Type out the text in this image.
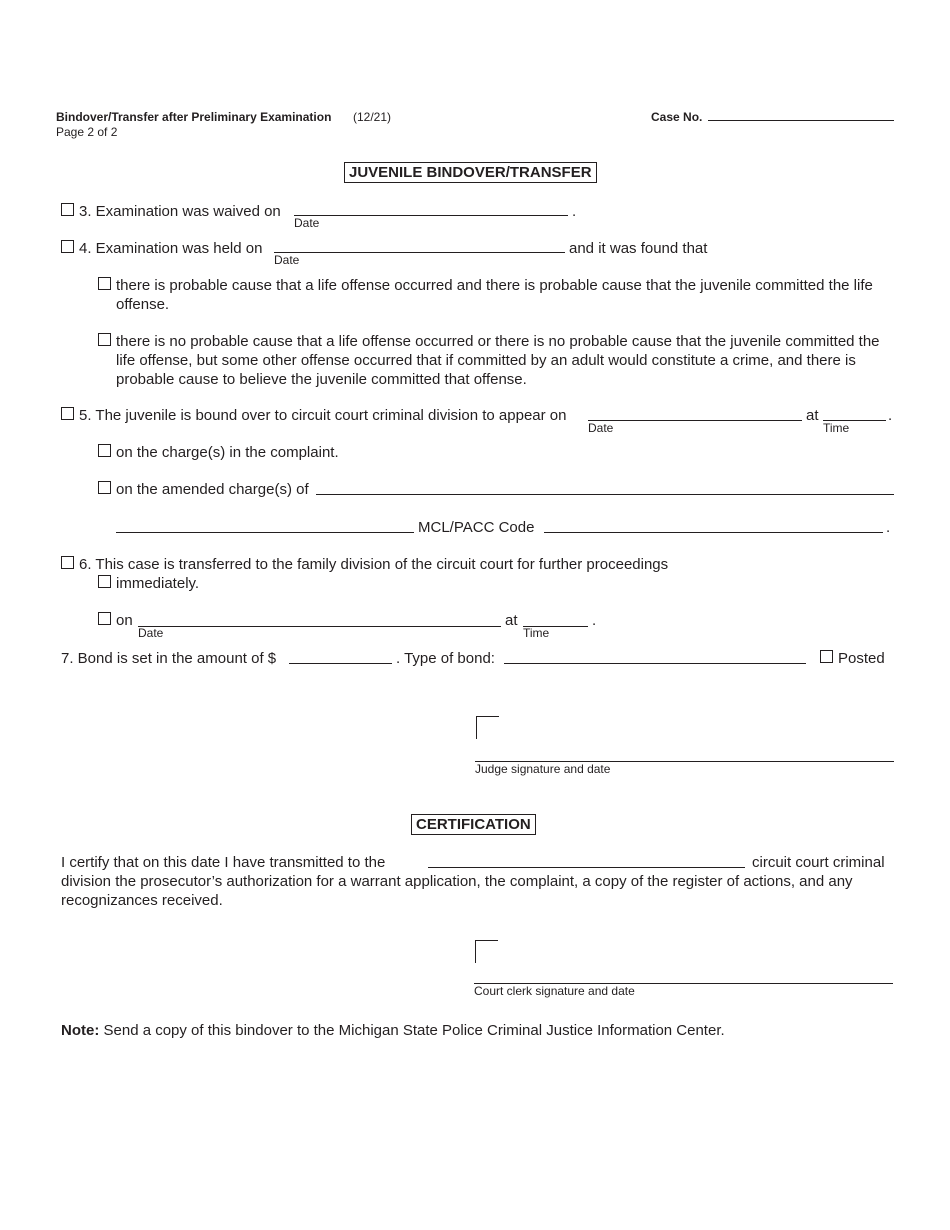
Bindover/Transfer after Preliminary Examination (12/21)
Page 2 of 2
Case No.
JUVENILE BINDOVER/TRANSFER
3. Examination was waived on	.
Date
4. Examination was held on	and it was found that
Date
there is probable cause that a life offense occurred and there is probable cause that the juvenile committed the life
offense.
there is no probable cause that a life offense occurred or there is no probable cause that the juvenile committed the
life offense, but some other offense occurred that if committed by an adult would constitute a crime, and there is
probable cause to believe the juvenile committed that offense.
5. The juvenile is bound over to circuit court criminal division to appear on
Date
at
Time
.
on the charge(s) in the complaint.
on the amended charge(s) of
MCL/PACC Code	.
6. This case is transferred to the family division of the circuit court for further proceedings
immediately.
on
Date
at
Time
.
7. Bond is set in the amount of $	. Type of bond:	Posted
Judge signature and date
CERTIFICATION
I certify that on this date I have transmitted to the	circuit court criminal
division the prosecutor’s authorization for a warrant application, the complaint, a copy of the register of actions, and any
recognizances received.
Court clerk signature and date
Note: Send a copy of this bindover to the Michigan State Police Criminal Justice Information Center.
